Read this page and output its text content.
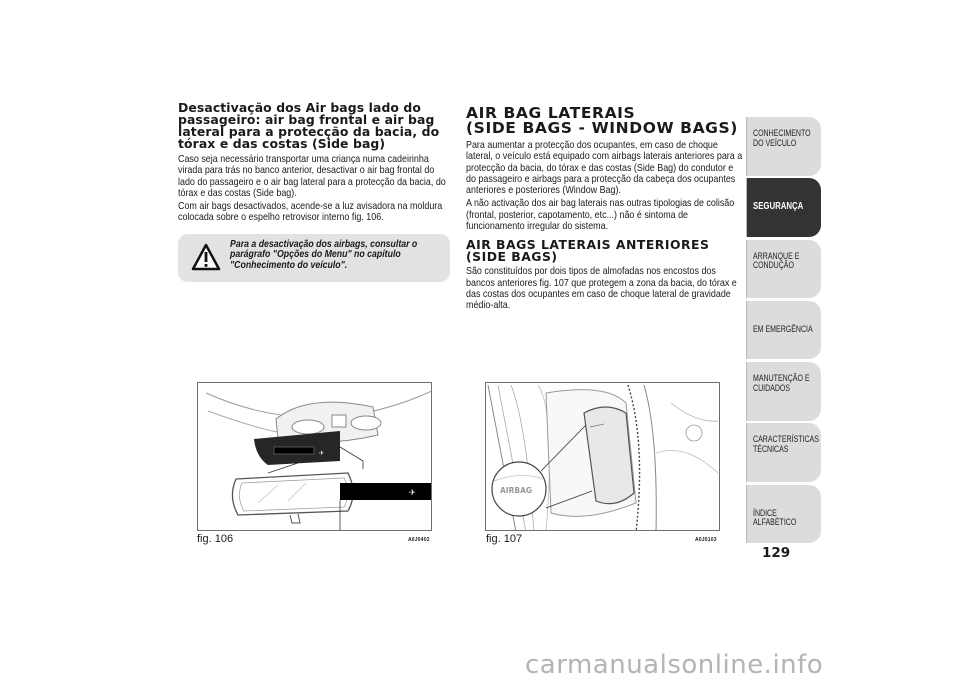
Desactivação dos Air bags lado do passageiro: air bag frontal e air bag lateral para a protecção da bacia, do tórax e das costas (Side bag)

Caso seja necessário transportar uma criança numa cadeirinha virada para trás no banco anterior, desactivar o air bag frontal do lado do passageiro e o air bag lateral para a protecção da bacia, do tórax e das costas (Side bag).

Com air bags desactivados, acende-se a luz avisadora na moldura colocada sobre o espelho retrovisor interno fig. 106.

Para a desactivação dos airbags, consultar o parágrafo "Opções do Menu" no capítulo "Conhecimento do veículo".
AIR BAG LATERAIS
(SIDE BAGS - WINDOW BAGS)

Para aumentar a protecção dos ocupantes, em caso de choque lateral, o veículo está equipado com airbags laterais anteriores para a protecção da bacia, do tórax e das costas (Side Bag) do condutor e do passageiro e airbags para a protecção da cabeça dos ocupantes anteriores e posteriores (Window Bag).

A não activação dos air bag laterais nas outras tipologias de colisão (frontal, posterior, capotamento, etc...) não é sintoma de funcionamento irregular do sistema.

AIR BAGS LATERAIS ANTERIORES
(SIDE BAGS)

São constituídos por dois tipos de almofadas nos encostos dos bancos anteriores fig. 107 que protegem a zona da bacia, do tórax e das costas dos ocupantes em caso de choque lateral de gravidade médio-alta.

✈
✈
fig. 106	A0J0402
AIRBAG
fig. 107	A0J0103
CONHECIMENTO DO VEÍCULO
SEGURANÇA
ARRANQUE E CONDUÇÃO
EM EMERGÊNCIA
MANUTENÇÃO E CUIDADOS
CARACTERÍSTICAS TÉCNICAS
ÍNDICE ALFABÉTICO
129
carmanualsonline.info
